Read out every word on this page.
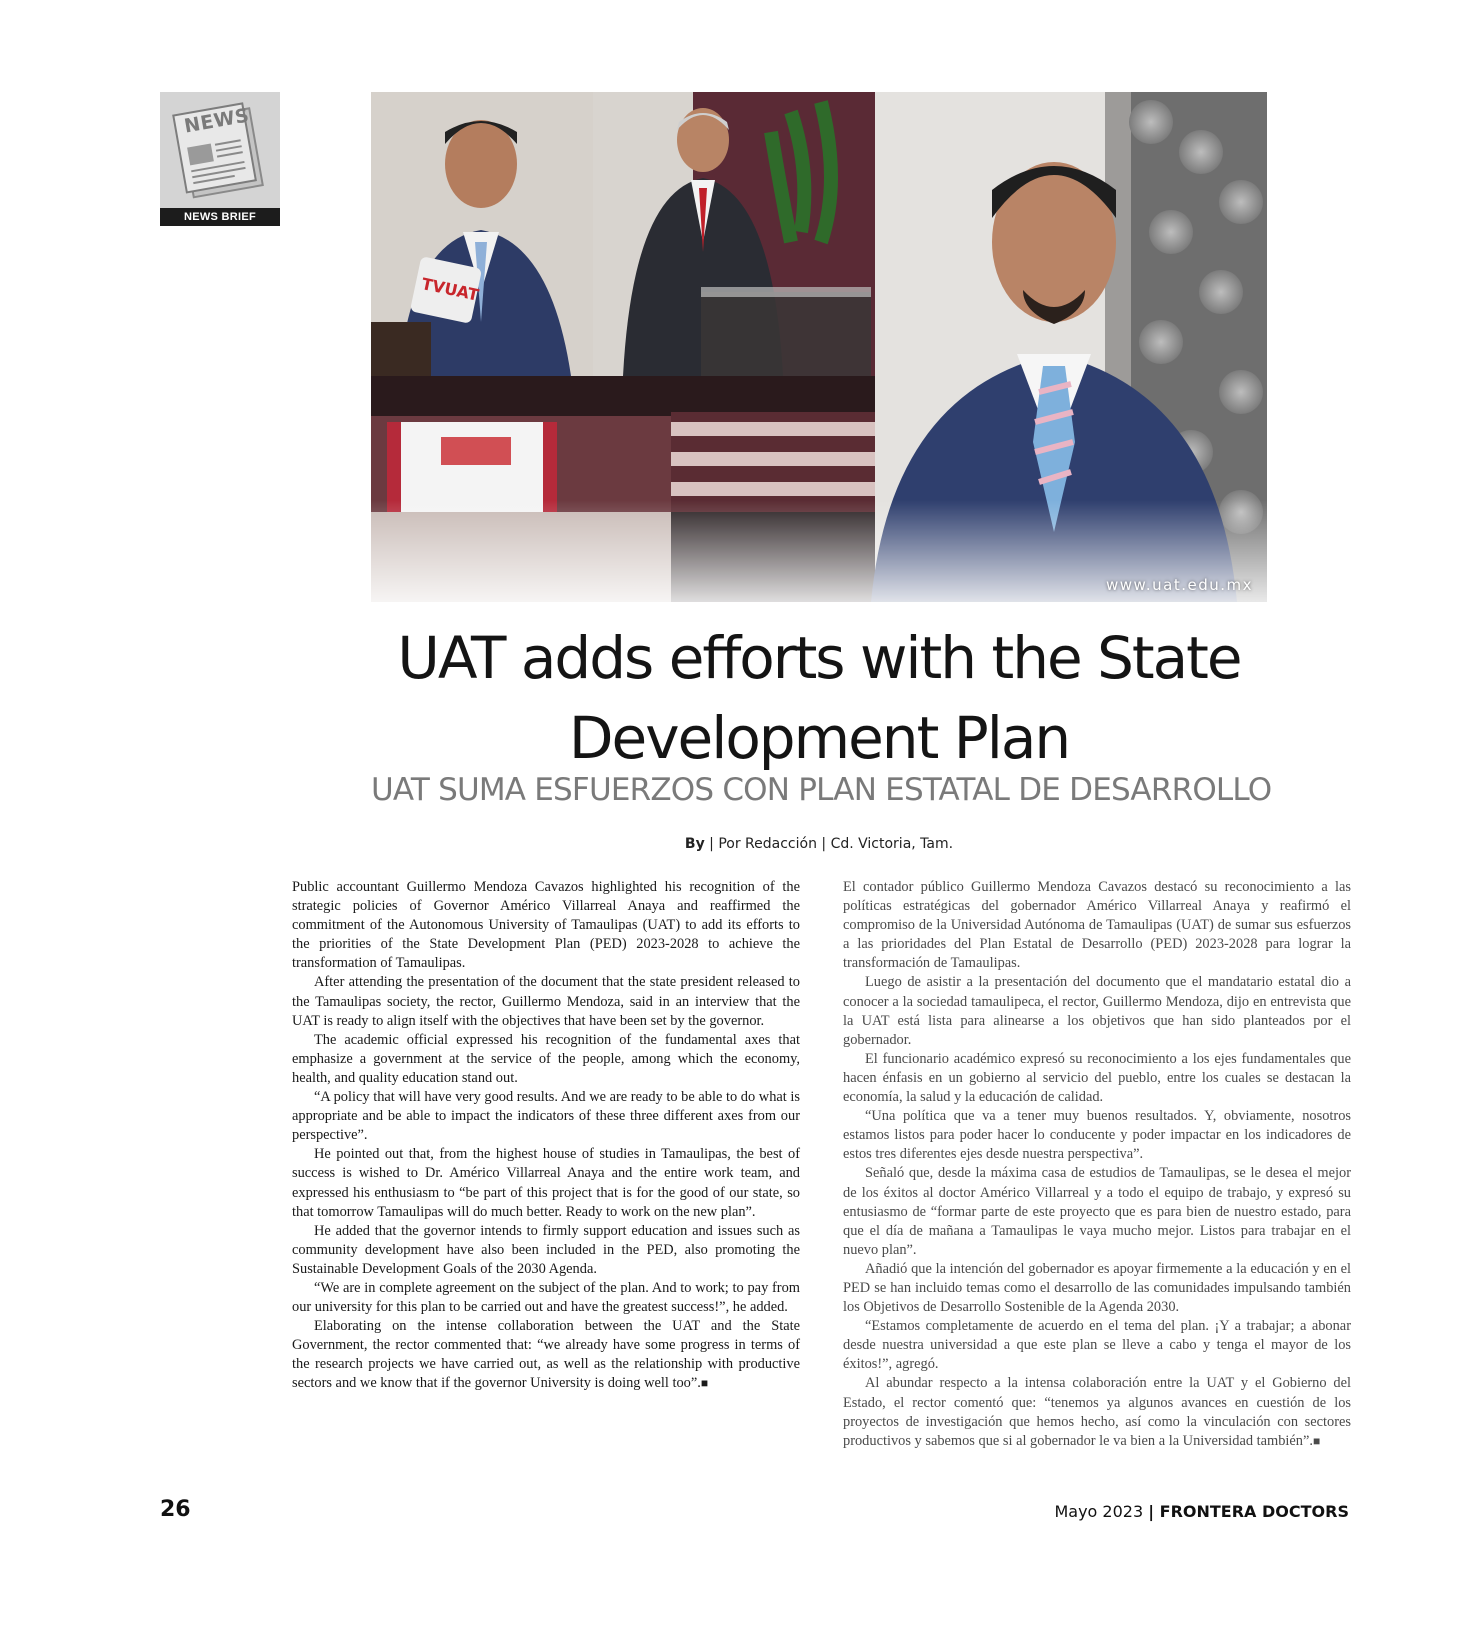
NEWS
NEWS BRIEF
www.uat.edu.mx
UAT adds efforts with the State Development Plan
UAT SUMA ESFUERZOS CON PLAN ESTATAL DE DESARROLLO
By | Por Redacción | Cd. Victoria, Tam.

Public accountant Guillermo Mendoza Cavazos highlighted his recognition of the strategic policies of Governor Américo Villarreal Anaya and reaffirmed the commitment of the Autonomous University of Tamaulipas (UAT) to add its efforts to the priorities of the State Development Plan (PED) 2023-2028 to achieve the transformation of Tamaulipas.

After attending the presentation of the document that the state president released to the Tamaulipas society, the rector, Guillermo Mendoza, said in an interview that the UAT is ready to align itself with the objectives that have been set by the governor.

The academic official expressed his recognition of the fundamental axes that emphasize a government at the service of the people, among which the economy, health, and quality education stand out.

“A policy that will have very good results. And we are ready to be able to do what is appropriate and be able to impact the indicators of these three different axes from our perspective”.

He pointed out that, from the highest house of studies in Tamaulipas, the best of success is wished to Dr. Américo Villarreal Anaya and the entire work team, and expressed his enthusiasm to “be part of this project that is for the good of our state, so that tomorrow Tamaulipas will do much better. Ready to work on the new plan”.

He added that the governor intends to firmly support education and issues such as community development have also been included in the PED, also promoting the Sustainable Development Goals of the 2030 Agenda.

“We are in complete agreement on the subject of the plan. And to work; to pay from our university for this plan to be carried out and have the greatest success!”, he added.

Elaborating on the intense collaboration between the UAT and the State Government, the rector commented that: “we already have some progress in terms of the research projects we have carried out, as well as the relationship with productive sectors and we know that if the governor University is doing well too”.■

El contador público Guillermo Mendoza Cavazos destacó su reconocimiento a las políticas estratégicas del gobernador Américo Villarreal Anaya y reafirmó el compromiso de la Universidad Autónoma de Tamaulipas (UAT) de sumar sus esfuerzos a las prioridades del Plan Estatal de Desarrollo (PED) 2023-2028 para lograr la transformación de Tamaulipas.

Luego de asistir a la presentación del documento que el mandatario estatal dio a conocer a la sociedad tamaulipeca, el rector, Guillermo Mendoza, dijo en entrevista que la UAT está lista para alinearse a los objetivos que han sido planteados por el gobernador.

El funcionario académico expresó su reconocimiento a los ejes fundamentales que hacen énfasis en un gobierno al servicio del pueblo, entre los cuales se destacan la economía, la salud y la educación de calidad.

“Una política que va a tener muy buenos resultados. Y, obviamente, nosotros estamos listos para poder hacer lo conducente y poder impactar en los indicadores de estos tres diferentes ejes desde nuestra perspectiva”.

Señaló que, desde la máxima casa de estudios de Tamaulipas, se le desea el mejor de los éxitos al doctor Américo Villarreal y a todo el equipo de trabajo, y expresó su entusiasmo de “formar parte de este proyecto que es para bien de nuestro estado, para que el día de mañana a Tamaulipas le vaya mucho mejor. Listos para trabajar en el nuevo plan”.

Añadió que la intención del gobernador es apoyar firmemente a la educación y en el PED se han incluido temas como el desarrollo de las comunidades impulsando también los Objetivos de Desarrollo Sostenible de la Agenda 2030.

“Estamos completamente de acuerdo en el tema del plan. ¡Y a trabajar; a abonar desde nuestra universidad a que este plan se lleve a cabo y tenga el mayor de los éxitos!”, agregó.

Al abundar respecto a la intensa colaboración entre la UAT y el Gobierno del Estado, el rector comentó que: “tenemos ya algunos avances en cuestión de los proyectos de investigación que hemos hecho, así como la vinculación con sectores productivos y sabemos que si al gobernador le va bien a la Universidad también”.■

26	Mayo 2023 | FRONTERA DOCTORS
